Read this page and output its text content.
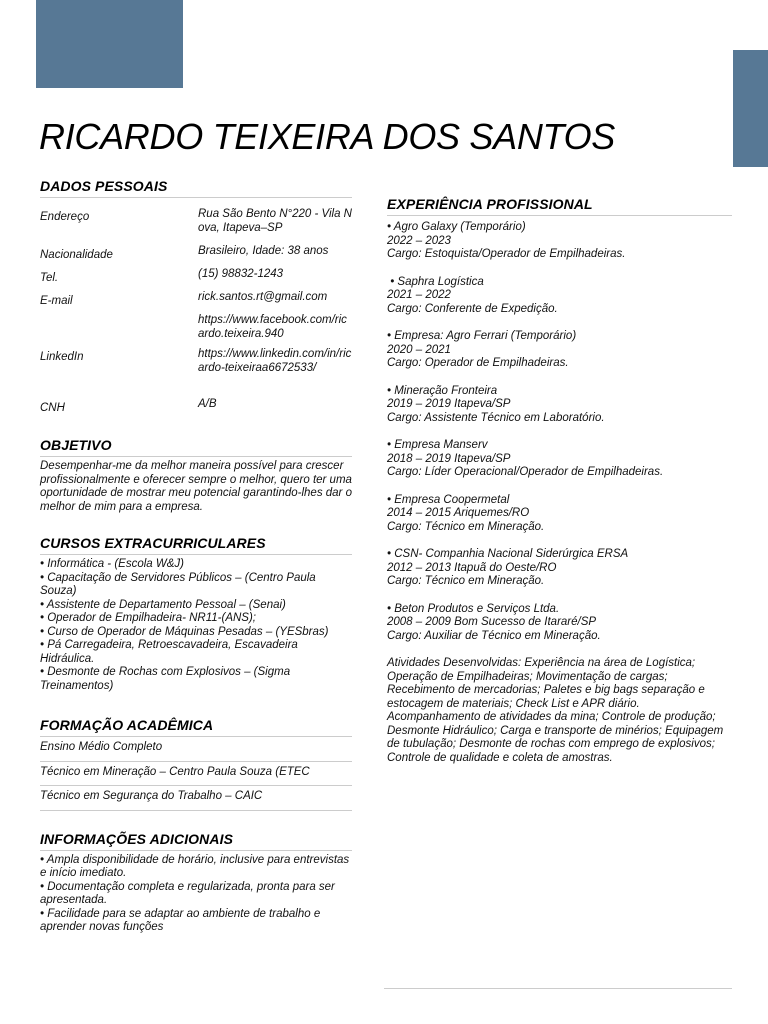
RICARDO TEIXEIRA DOS SANTOS
DADOS PESSOAIS
Endereço	Rua São Bento N°220 - Vila Nova, Itapeva–SP
Nacionalidade	Brasileiro, Idade: 38 anos
Tel.	(15) 98832-1243
E-mail	rick.santos.rt@gmail.com
https://www.facebook.com/ricardo.teixeira.940
LinkedIn	https://www.linkedin.com/in/ricardo-teixeiraa6672533/
CNH	A/B
OBJETIVO
Desempenhar-me da melhor maneira possível para crescer profissionalmente e oferecer sempre o melhor, quero ter uma oportunidade de mostrar meu potencial garantindo-lhes dar o melhor de mim para a empresa.
CURSOS EXTRACURRICULARES
• Informática - (Escola W&J)
• Capacitação de Servidores Públicos – (Centro Paula Souza)
• Assistente de Departamento Pessoal – (Senai)
• Operador de Empilhadeira- NR11-(ANS);
• Curso de Operador de Máquinas Pesadas – (YESbras)
• Pá Carregadeira, Retroescavadeira, Escavadeira Hidráulica.
• Desmonte de Rochas com Explosivos – (Sigma Treinamentos)
FORMAÇÃO ACADÊMICA
Ensino Médio Completo
Técnico em Mineração – Centro Paula Souza (ETEC
Técnico em Segurança do Trabalho – CAIC
INFORMAÇÕES ADICIONAIS
• Ampla disponibilidade de horário, inclusive para entrevistas e início imediato.
• Documentação completa e regularizada, pronta para ser apresentada.
• Facilidade para se adaptar ao ambiente de trabalho e aprender novas funções
EXPERIÊNCIA PROFISSIONAL
• Agro Galaxy (Temporário)
2022 – 2023
Cargo: Estoquista/Operador de Empilhadeiras.
• Saphra Logística
2021 – 2022
Cargo: Conferente de Expedição.
• Empresa: Agro Ferrari (Temporário)
2020 – 2021
Cargo: Operador de Empilhadeiras.
• Mineração Fronteira
2019 – 2019 Itapeva/SP
Cargo: Assistente Técnico em Laboratório.
• Empresa Manserv
2018 – 2019 Itapeva/SP
Cargo: Líder Operacional/Operador de Empilhadeiras.
• Empresa Coopermetal
2014 – 2015 Ariquemes/RO
Cargo: Técnico em Mineração.
• CSN- Companhia Nacional Siderúrgica ERSA
2012 – 2013 Itapuã do Oeste/RO
Cargo: Técnico em Mineração.
• Beton Produtos e Serviços Ltda.
2008 – 2009 Bom Sucesso de Itararé/SP
Cargo: Auxiliar de Técnico em Mineração.
Atividades Desenvolvidas: Experiência na área de Logística; Operação de Empilhadeiras; Movimentação de cargas; Recebimento de mercadorias; Paletes e big bags separação e estocagem de materiais; Check List e APR diário. Acompanhamento de atividades da mina; Controle de produção; Desmonte Hidráulico; Carga e transporte de minérios; Equipagem de tubulação; Desmonte de rochas com emprego de explosivos; Controle de qualidade e coleta de amostras.
